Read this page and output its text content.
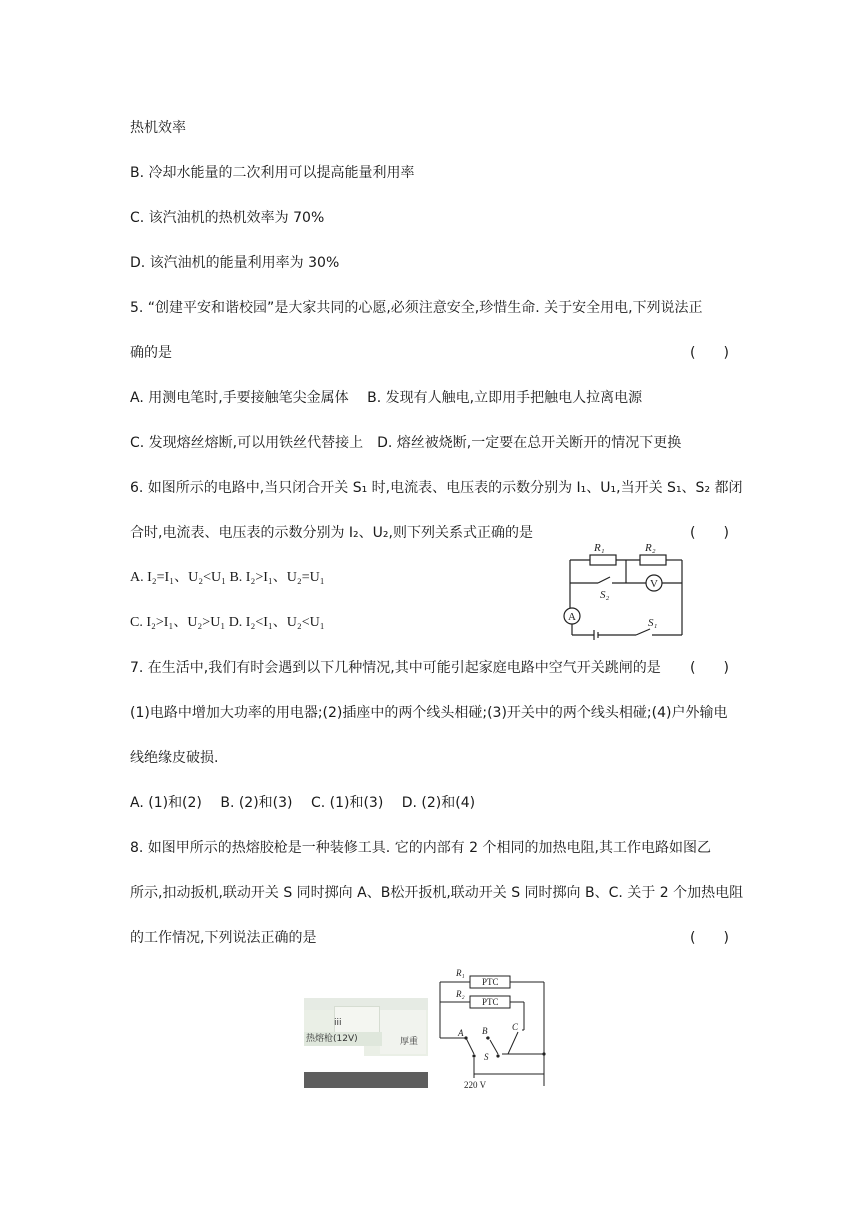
热机效率
B. 冷却水能量的二次利用可以提高能量利用率
C. 该汽油机的热机效率为 70%
D. 该汽油机的能量利用率为 30%
5. “创建平安和谐校园”是大家共同的心愿,必须注意安全,珍惜生命. 关于安全用电,下列说法正
确的是	(　　)
A. 用测电笔时,手要接触笔尖金属体　 B. 发现有人触电,立即用手把触电人拉离电源
C. 发现熔丝熔断,可以用铁丝代替接上　D. 熔丝被烧断,一定要在总开关断开的情况下更换
6. 如图所示的电路中,当只闭合开关 S₁ 时,电流表、电压表的示数分别为 I₁、U₁,当开关 S₁、S₂ 都闭
合时,电流表、电压表的示数分别为 I₂、U₂,则下列关系式正确的是	(　　)
A. I₂=I₁、U₂<U₁ B. I₂>I₁、U₂=U₁
C. I₂>I₁、U₂>U₁ D. I₂<I₁、U₂<U₁
R₁	R₂
S₂
S₁
V
A
7. 在生活中,我们有时会遇到以下几种情况,其中可能引起家庭电路中空气开关跳闸的是 (　　)
(1)电路中增加大功率的用电器;(2)插座中的两个线头相碰;(3)开关中的两个线头相碰;(4)户外输电
线绝缘皮破损.
A. (1)和(2)　 B. (2)和(3)　 C. (1)和(3)　 D. (2)和(4)
8. 如图甲所示的热熔胶枪是一种装修工具. 它的内部有 2 个相同的加热电阻,其工作电路如图乙
所示,扣动扳机,联动开关 S 同时掷向 A、B松开扳机,联动开关 S 同时掷向 B、C. 关于 2 个加热电阻
的工作情况,下列说法正确的是	(　　)
热熔枪(12V)
iii
厚重
R₁
R₂
PTC
PTC
A B	C
S
220 V
